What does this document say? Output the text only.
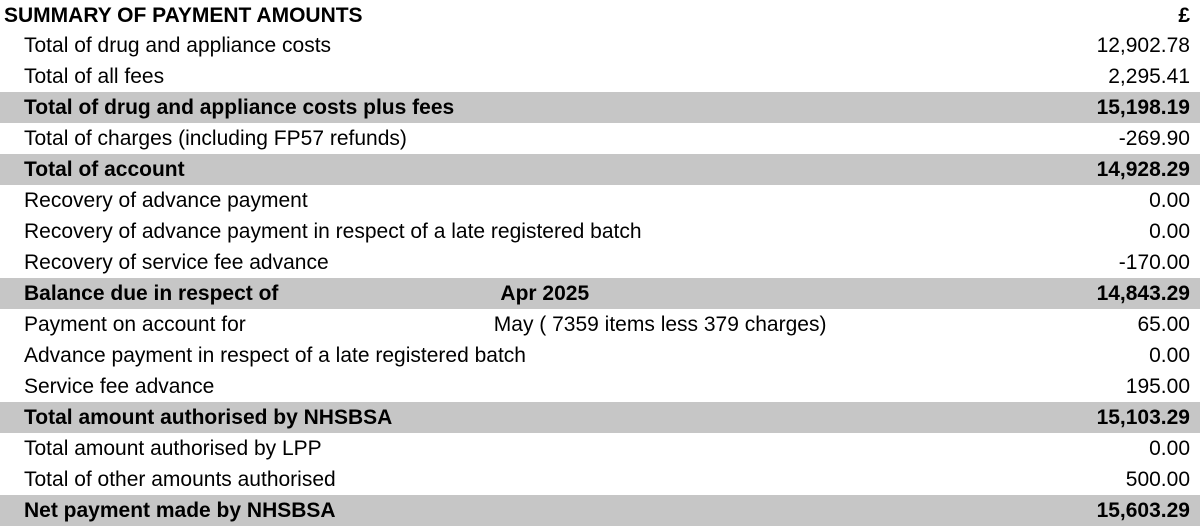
SUMMARY OF PAYMENT AMOUNTS	£
Total of drug and appliance costs	12,902.78
Total of all fees	2,295.41
Total of drug and appliance costs plus fees	15,198.19
Total of charges (including FP57 refunds)	-269.90
Total of account	14,928.29
Recovery of advance payment	0.00
Recovery of advance payment in respect of a late registered batch	0.00
Recovery of service fee advance	-170.00
Balance due in respect of	Apr 2025	14,843.29
Payment on account for	May ( 7359 items less 379 charges)	65.00
Advance payment in respect of a late registered batch	0.00
Service fee advance	195.00
Total amount authorised by NHSBSA	15,103.29
Total amount authorised by LPP	0.00
Total of other amounts authorised	500.00
Net payment made by NHSBSA	15,603.29
